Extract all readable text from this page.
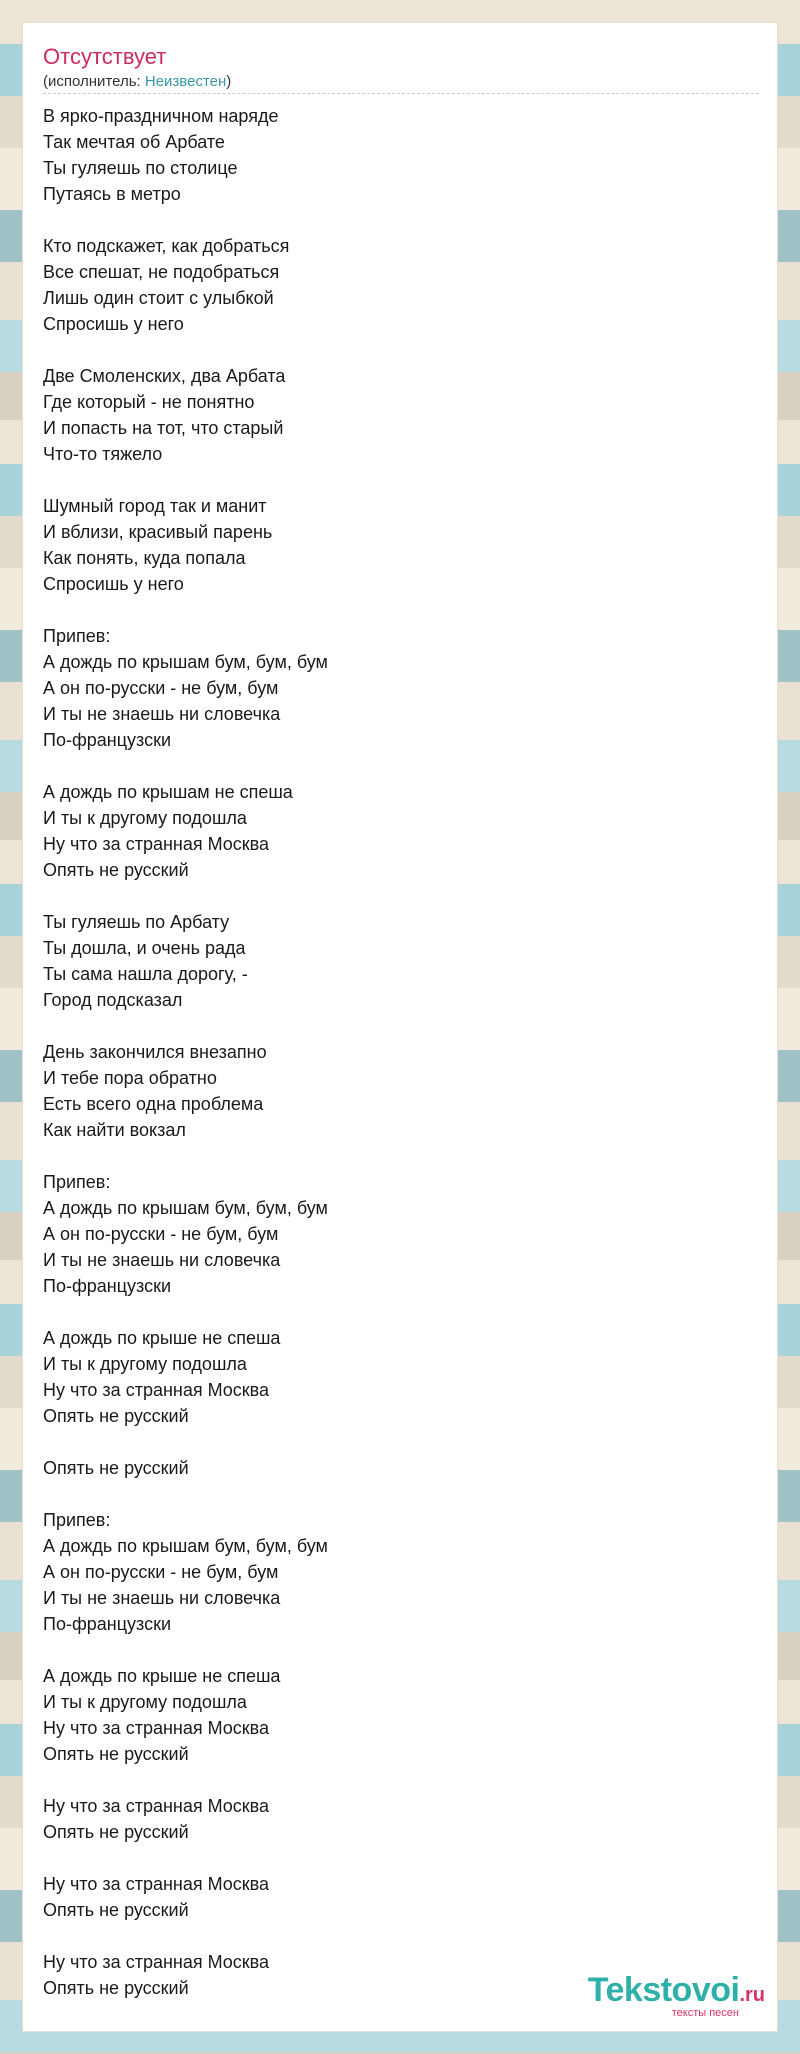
Отсутствует
(исполнитель: Неизвестен)
В ярко-праздничном наряде
Так мечтая об Арбате
Ты гуляешь по столице
Путаясь в метро

Кто подскажет, как добраться
Все спешат, не подобраться
Лишь один стоит с улыбкой
Спросишь у него

Две Смоленских, два Арбата
Где который - не понятно
И попасть на тот, что старый
Что-то тяжело

Шумный город так и манит
И вблизи, красивый парень
Как понять, куда попала
Спросишь у него

Припев:
А дождь по крышам бум, бум, бум
А он по-русски - не бум, бум
И ты не знаешь ни словечка
По-французски

А дождь по крышам не спеша
И ты к другому подошла
Ну что за странная Москва
Опять не русский

Ты гуляешь по Арбату
Ты дошла, и очень рада
Ты сама нашла дорогу, -
Город подсказал

День закончился внезапно
И тебе пора обратно
Есть всего одна проблема
Как найти вокзал

Припев:
А дождь по крышам бум, бум, бум
А он по-русски - не бум, бум
И ты не знаешь ни словечка
По-французски

А дождь по крыше не спеша
И ты к другому подошла
Ну что за странная Москва
Опять не русский

Опять не русский

Припев:
А дождь по крышам бум, бум, бум
А он по-русски - не бум, бум
И ты не знаешь ни словечка
По-французски

А дождь по крыше не спеша
И ты к другому подошла
Ну что за странная Москва
Опять не русский

Ну что за странная Москва
Опять не русский

Ну что за странная Москва
Опять не русский

Ну что за странная Москва
Опять не русский	Tekstovoi.ru
тексты песен
